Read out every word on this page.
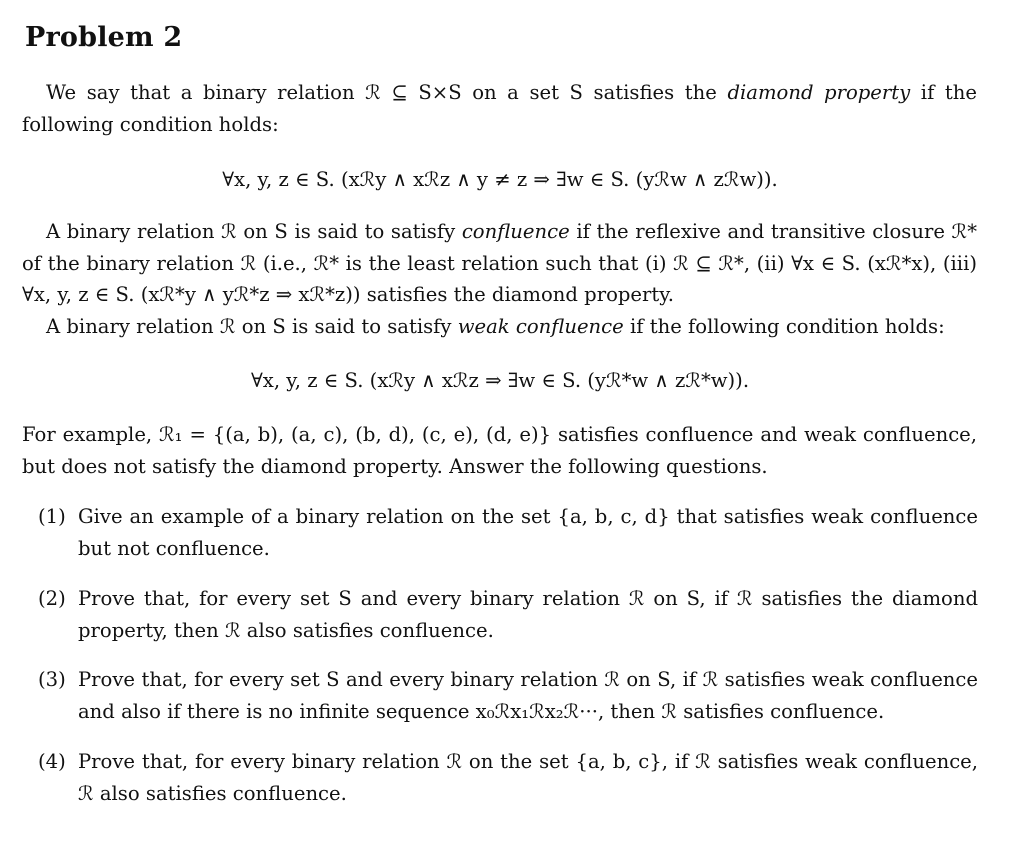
Problem 2

We say that a binary relation ℛ ⊆ S×S on a set S satisfies the diamond property if the following condition holds:

∀x, y, z ∈ S. (xℛy ∧ xℛz ∧ y ≠ z ⇒ ∃w ∈ S. (yℛw ∧ zℛw)).

A binary relation ℛ on S is said to satisfy confluence if the reflexive and transitive closure ℛ* of the binary relation ℛ (i.e., ℛ* is the least relation such that (i) ℛ ⊆ ℛ*, (ii) ∀x ∈ S. (xℛ*x), (iii) ∀x, y, z ∈ S. (xℛ*y ∧ yℛ*z ⇒ xℛ*z)) satisfies the diamond property.

A binary relation ℛ on S is said to satisfy weak confluence if the following condition holds:

∀x, y, z ∈ S. (xℛy ∧ xℛz ⇒ ∃w ∈ S. (yℛ*w ∧ zℛ*w)).

For example, ℛ₁ = {(a, b), (a, c), (b, d), (c, e), (d, e)} satisfies confluence and weak confluence, but does not satisfy the diamond property. Answer the following questions.

(1) Give an example of a binary relation on the set {a, b, c, d} that satisfies weak confluence but not confluence.
(2) Prove that, for every set S and every binary relation ℛ on S, if ℛ satisfies the diamond property, then ℛ also satisfies confluence.
(3) Prove that, for every set S and every binary relation ℛ on S, if ℛ satisfies weak confluence and also if there is no infinite sequence x₀ℛx₁ℛx₂ℛ···, then ℛ satisfies confluence.
(4) Prove that, for every binary relation ℛ on the set {a, b, c}, if ℛ satisfies weak confluence, ℛ also satisfies confluence.
